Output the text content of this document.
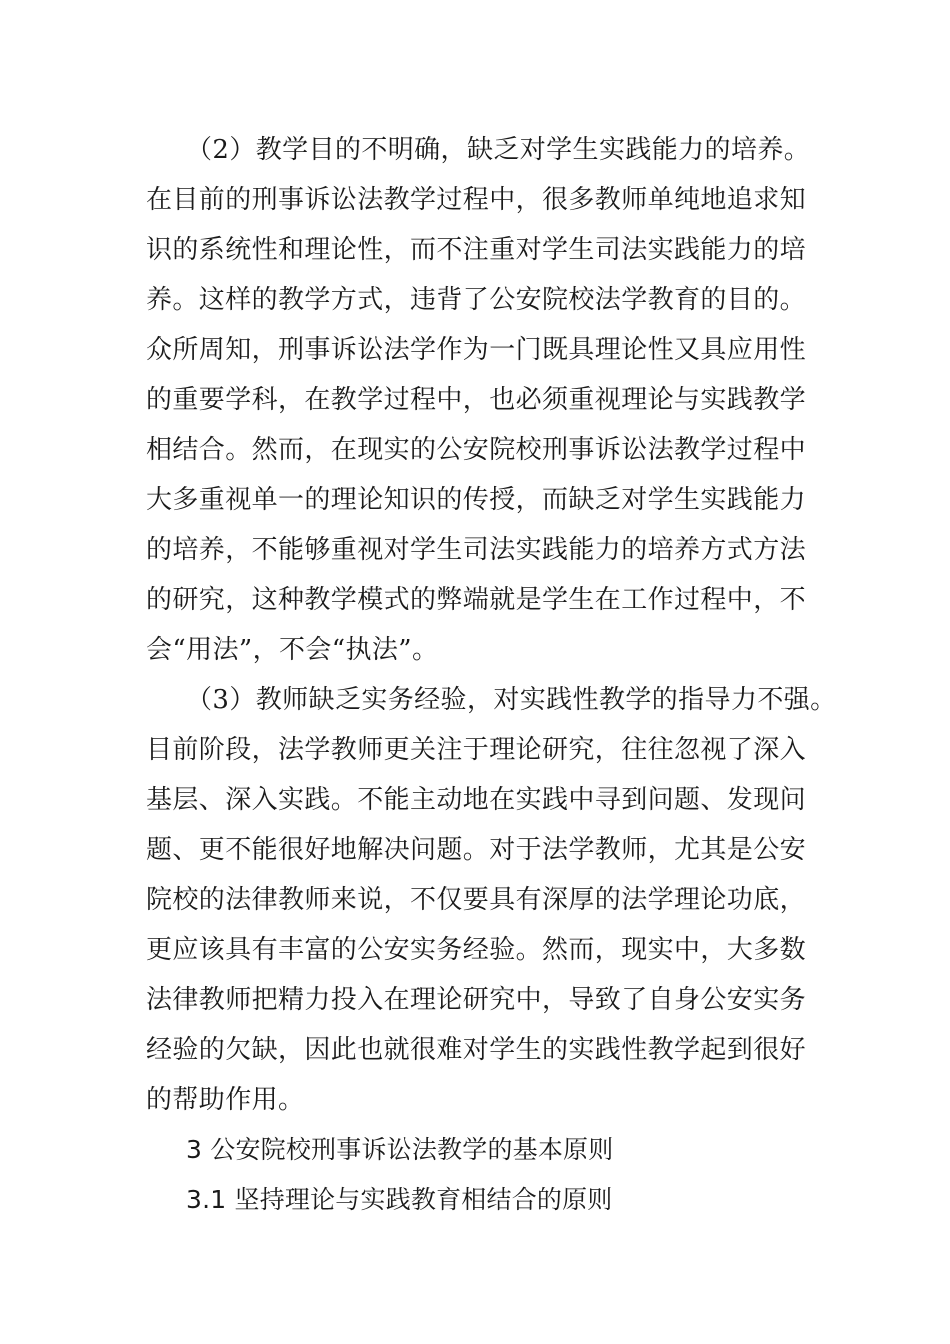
（2）教学目的不明确，缺乏对学生实践能力的培养。
在目前的刑事诉讼法教学过程中，很多教师单纯地追求知
识的系统性和理论性，而不注重对学生司法实践能力的培
养。这样的教学方式，违背了公安院校法学教育的目的。
众所周知，刑事诉讼法学作为一门既具理论性又具应用性
的重要学科，在教学过程中，也必须重视理论与实践教学
相结合。然而，在现实的公安院校刑事诉讼法教学过程中
大多重视单一的理论知识的传授，而缺乏对学生实践能力
的培养，不能够重视对学生司法实践能力的培养方式方法
的研究，这种教学模式的弊端就是学生在工作过程中，不
会“用法”，不会“执法”。
（3）教师缺乏实务经验，对实践性教学的指导力不强。
目前阶段，法学教师更关注于理论研究，往往忽视了深入
基层、深入实践。不能主动地在实践中寻到问题、发现问
题、更不能很好地解决问题。对于法学教师，尤其是公安
院校的法律教师来说，不仅要具有深厚的法学理论功底，
更应该具有丰富的公安实务经验。然而，现实中，大多数
法律教师把精力投入在理论研究中，导致了自身公安实务
经验的欠缺，因此也就很难对学生的实践性教学起到很好
的帮助作用。
3 公安院校刑事诉讼法教学的基本原则
3.1 坚持理论与实践教育相结合的原则
